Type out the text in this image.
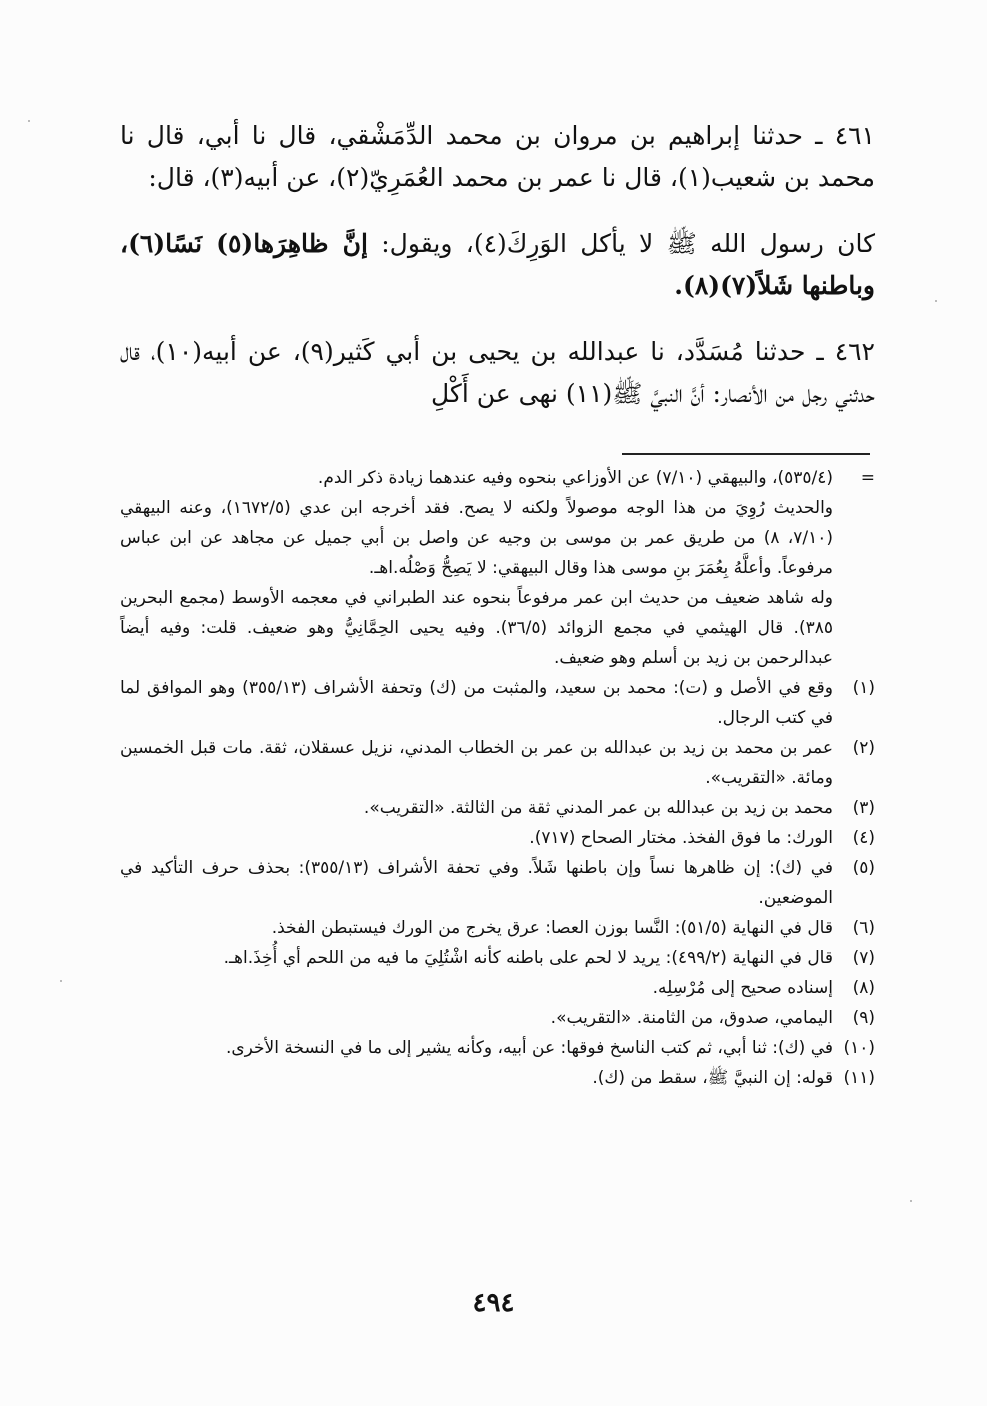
٤٦١ ـ حدثنا إبراهيم بن مروان بن محمد الدِّمَشْقي، قال نا أبي، قال نا محمد بن شعيب(١)، قال نا عمر بن محمد العُمَرِيّ(٢)، عن أبيه(٣)، قال:

كان رسول الله ﷺ لا يأكل الوَرِكَ(٤)، ويقول: إنَّ ظاهِرَها(٥) نَسًا(٦)، وباطنها شَلاً(٧)(٨).

٤٦٢ ـ حدثنا مُسَدَّد، نا عبدالله بن يحيى بن أبي كَثير(٩)، عن أبيه(١٠)، قال حدثني رجل من الأنصار: أنَّ النبيَّ ﷺ(١١) نهى عن أَكْلِ

=
(٥٣٥/٤)، والبيهقي (٧/١٠) عن الأوزاعي بنحوه وفيه عندهما زيادة ذكر الدم.
والحديث رُوِيَ من هذا الوجه موصولاً ولكنه لا يصح. فقد أخرجه ابن عدي (١٦٧٢/٥)، وعنه البيهقي (٧/١٠، ٨) من طريق عمر بن موسى بن وجيه عن واصل بن أبي جميل عن مجاهد عن ابن عباس مرفوعاً. وأعلَّهُ بِعُمَرَ بنِ موسى هذا وقال البيهقي: لا يَصِحُّ وَصْلُه.اهـ.
وله شاهد ضعيف من حديث ابن عمر مرفوعاً بنحوه عند الطبراني في معجمه الأوسط (مجمع البحرين ٣٨٥). قال الهيثمي في مجمع الزوائد (٣٦/٥). وفيه يحيى الحِمَّانِيُّ وهو ضعيف. قلت: وفيه أيضاً عبدالرحمن بن زيد بن أسلم وهو ضعيف.
(١)
وقع في الأصل و (ت): محمد بن سعيد، والمثبت من (ك) وتحفة الأشراف (٣٥٥/١٣) وهو الموافق لما في كتب الرجال.
(٢)
عمر بن محمد بن زيد بن عبدالله بن عمر بن الخطاب المدني، نزيل عسقلان، ثقة. مات قبل الخمسين ومائة. «التقريب».
(٣)
محمد بن زيد بن عبدالله بن عمر المدني ثقة من الثالثة. «التقريب».
(٤)
الورك: ما فوق الفخذ. مختار الصحاح (٧١٧).
(٥)
في (ك): إن ظاهرها نساً وإن باطنها شَلاً. وفي تحفة الأشراف (٣٥٥/١٣): بحذف حرف التأكيد في الموضعين.
(٦)
قال في النهاية (٥١/٥): النَّسا بوزن العصا: عرق يخرج من الورك فيستبطن الفخذ.
(٧)
قال في النهاية (٤٩٩/٢): يريد لا لحم على باطنه كأنه اشْتُلِيَ ما فيه من اللحم أي أُخِذَ.اهـ.
(٨)
إسناده صحيح إلى مُرْسِلِه.
(٩)
اليمامي، صدوق، من الثامنة. «التقريب».
(١٠)
في (ك): ثنا أبي، ثم كتب الناسخ فوقها: عن أبيه، وكأنه يشير إلى ما في النسخة الأخرى.
(١١)
قوله: إن النبيَّ ﷺ، سقط من (ك).
٤٩٤
